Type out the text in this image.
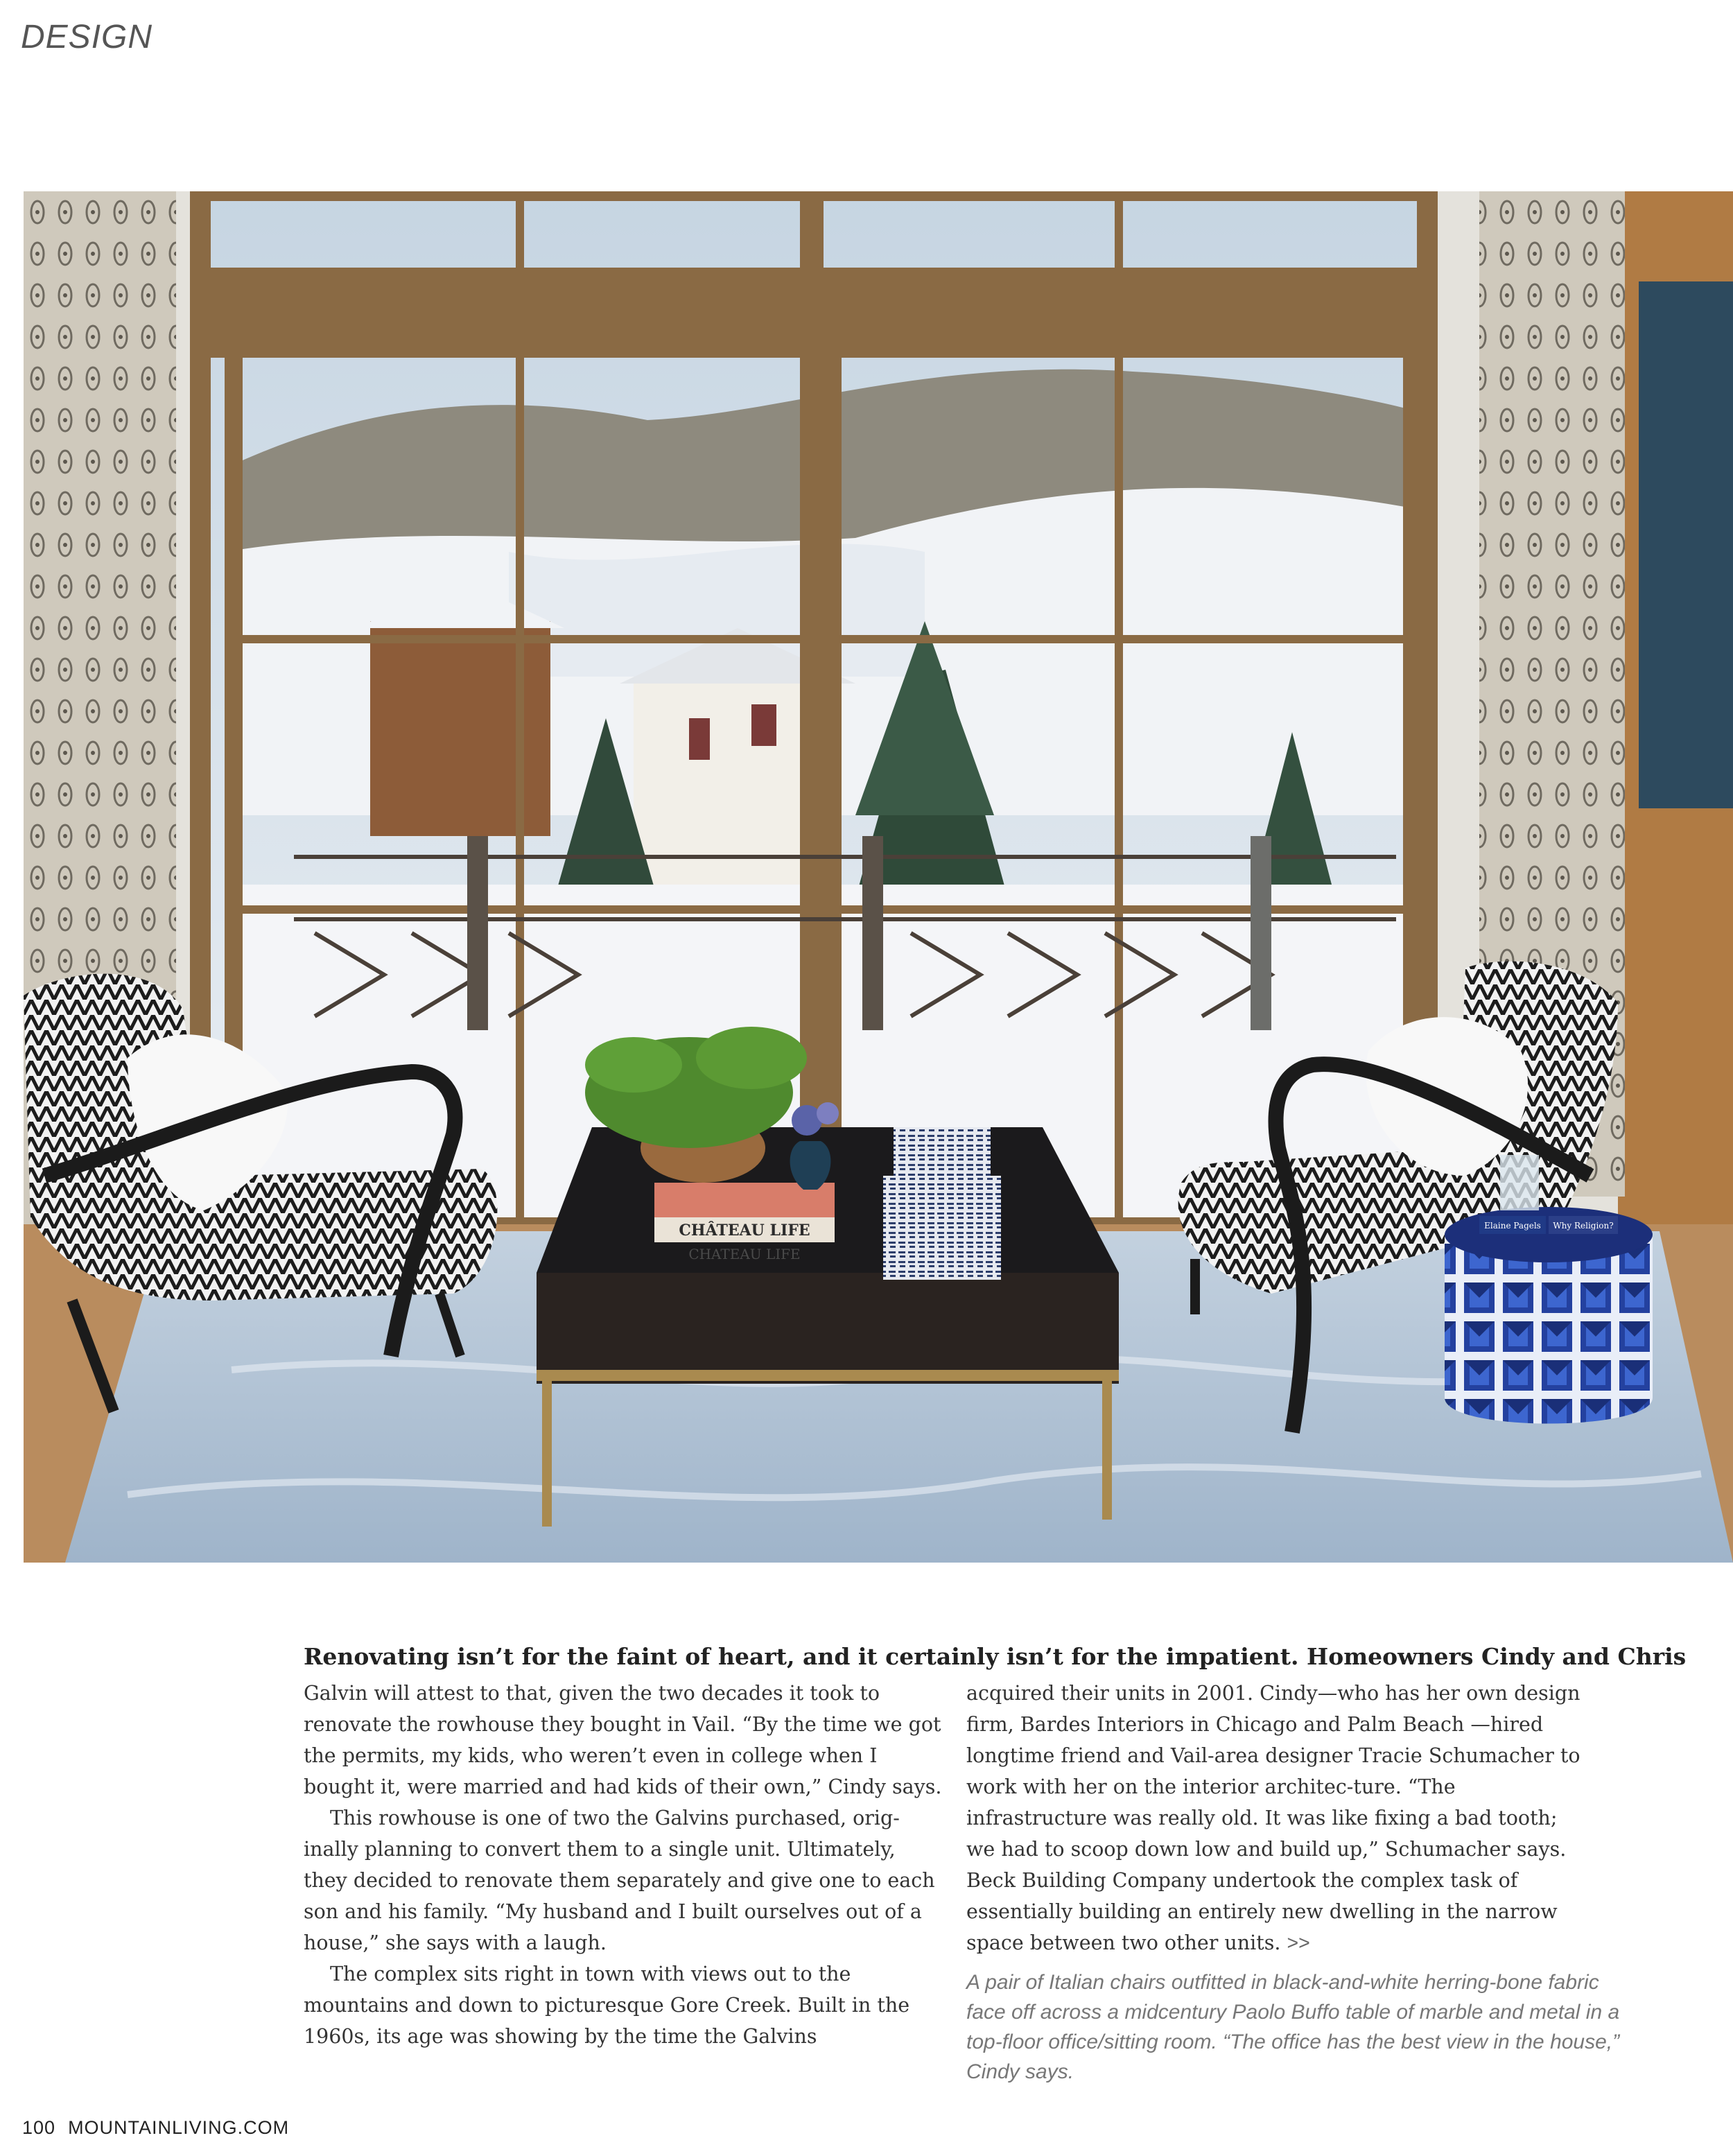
DESIGN
CHÂTEAU LIFE
CHATEAU LIFE
Elaine Pagels Why Religion?
Renovating isn’t for the faint of heart, and it certainly isn’t for the impatient. Homeowners Cindy and Chris

Galvin will attest to that, given the two decades it took to renovate the rowhouse they bought in Vail. “By the time we got the permits, my kids, who weren’t even in college when I bought it, were married and had kids of their own,” Cindy says.

This rowhouse is one of two the Galvins purchased, orig-inally planning to convert them to a single unit. Ultimately, they decided to renovate them separately and give one to each son and his family. “My husband and I built ourselves out of a house,” she says with a laugh.

The complex sits right in town with views out to the mountains and down to picturesque Gore Creek. Built in the 1960s, its age was showing by the time the Galvins

acquired their units in 2001. Cindy—who has her own design firm, Bardes Interiors in Chicago and Palm Beach —hired longtime friend and Vail-area designer Tracie Schumacher to work with her on the interior architec-ture. “The infrastructure was really old. It was like fixing a bad tooth; we had to scoop down low and build up,” Schumacher says. Beck Building Company undertook the complex task of essentially building an entirely new dwelling in the narrow space between two other units. >>

A pair of Italian chairs outfitted in black-and-white herring-bone fabric face off across a midcentury Paolo Buffo table of marble and metal in a top-floor office/sitting room. “The office has the best view in the house,” Cindy says.
100 MOUNTAINLIVING.COM
